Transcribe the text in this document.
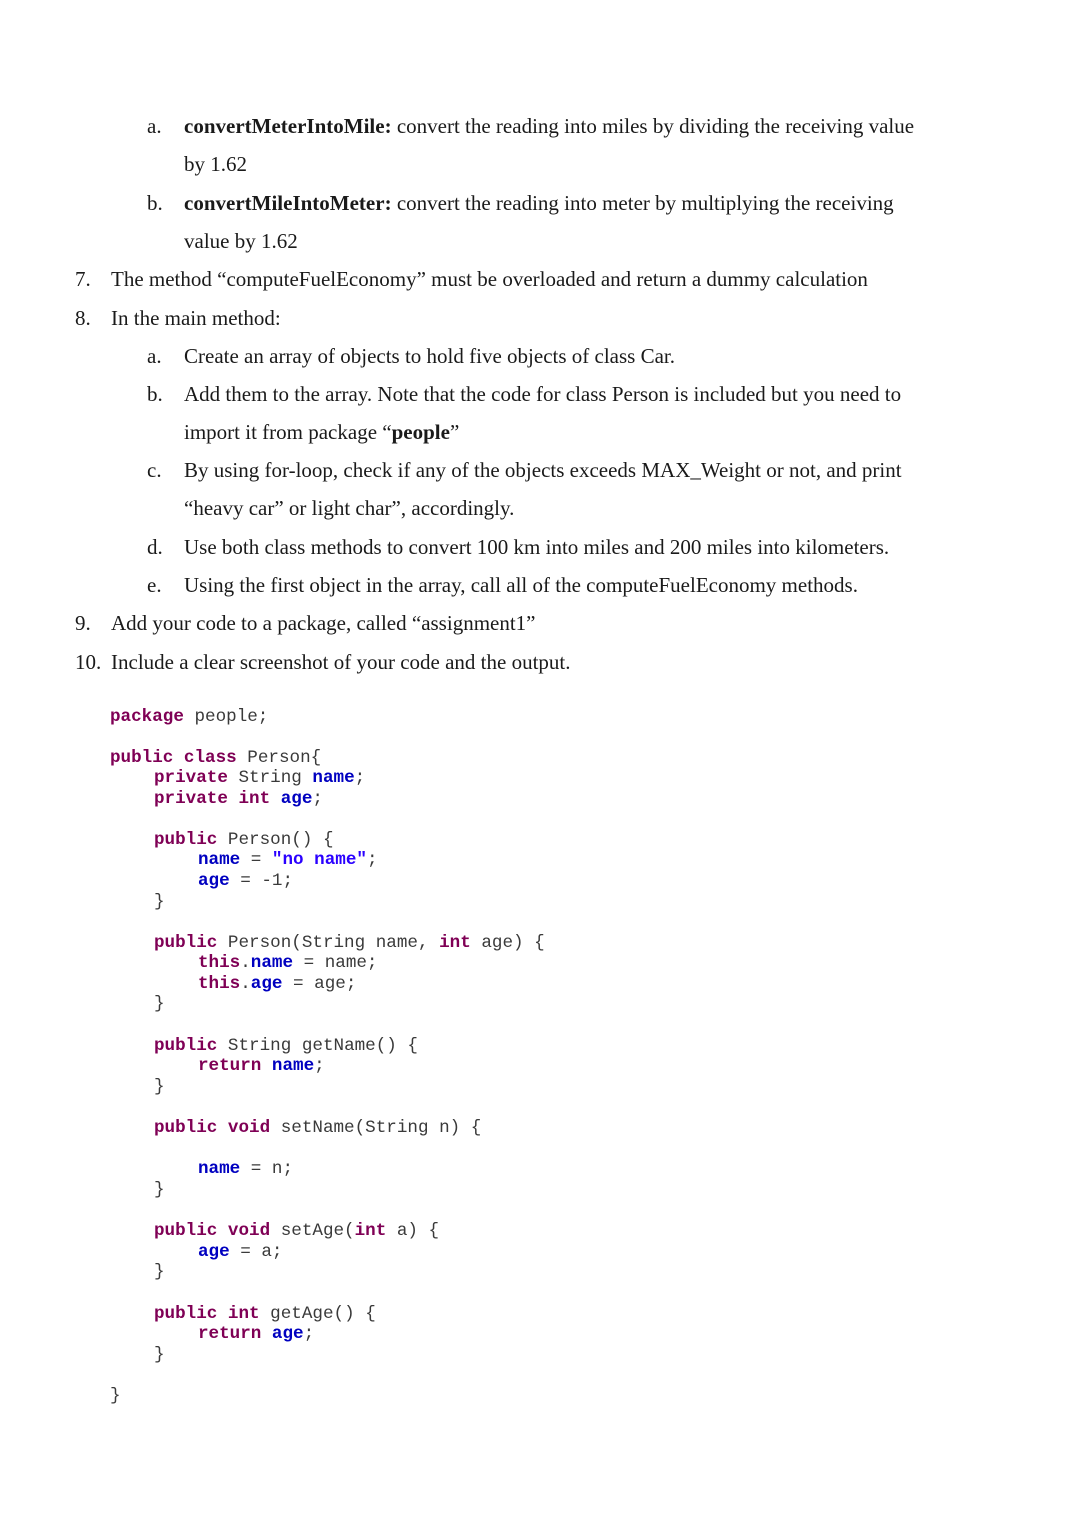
a. convertMeterIntoMile: convert the reading into miles by dividing the receiving value
by 1.62
b. convertMileIntoMeter: convert the reading into meter by multiplying the receiving
value by 1.62
7. The method “computeFuelEconomy” must be overloaded and return a dummy calculation
8. In the main method:
a. Create an array of objects to hold five objects of class Car.
b. Add them to the array. Note that the code for class Person is included but you need to
import it from package “people”
c. By using for-loop, check if any of the objects exceeds MAX_Weight or not, and print
“heavy car” or light char”, accordingly.
d. Use both class methods to convert 100 km into miles and 200 miles into kilometers.
e. Using the first object in the array, call all of the computeFuelEconomy methods.
9. Add your code to a package, called “assignment1”
10. Include a clear screenshot of your code and the output.
package people;
public class Person{
private String name;
private int age;
public Person() {
name = "no name";
age = -1;
}
public Person(String name, int age) {
this.name = name;
this.age = age;
}
public String getName() {
return name;
}
public void setName(String n) {
name = n;
}
public void setAge(int a) {
age = a;
}
public int getAge() {
return age;
}
}
